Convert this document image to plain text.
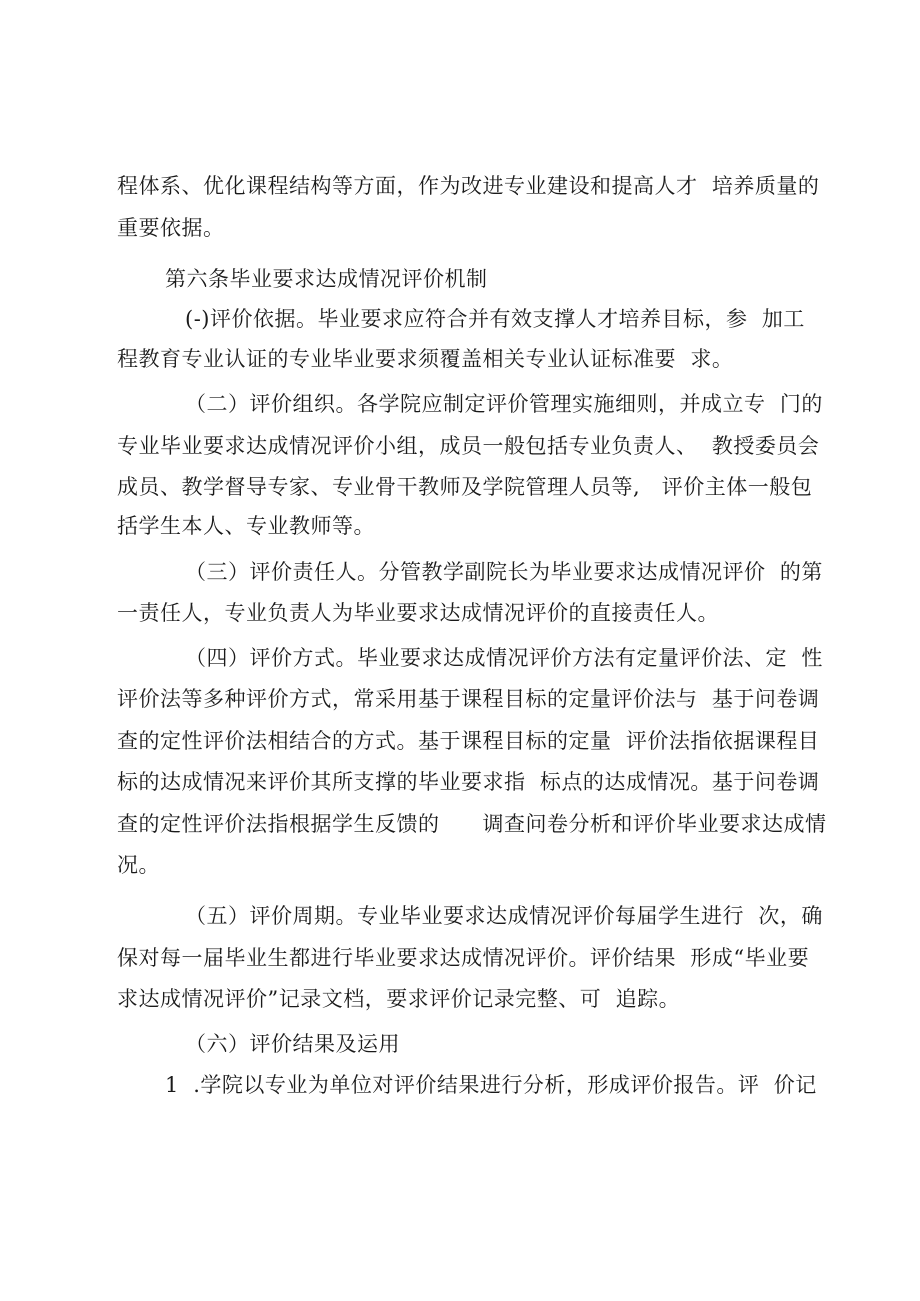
程体系、优化课程结构等方面，作为改进专业建设和提高人才  培养质量的
重要依据。
第六条毕业要求达成情况评价机制
(-)评价依据。毕业要求应符合并有效支撑人才培养目标，参  加工
程教育专业认证的专业毕业要求须覆盖相关专业认证标准要  求。
（二）评价组织。各学院应制定评价管理实施细则，并成立专  门的
专业毕业要求达成情况评价小组，成员一般包括专业负责人、  教授委员会
成员、教学督导专家、专业骨干教师及学院管理人员等,   评价主体一般包
括学生本人、专业教师等。
（三）评价责任人。分管教学副院长为毕业要求达成情况评价  的第
一责任人，专业负责人为毕业要求达成情况评价的直接责任人。
（四）评价方式。毕业要求达成情况评价方法有定量评价法、定  性
评价法等多种评价方式，常采用基于课程目标的定量评价法与  基于问卷调
查的定性评价法相结合的方式。基于课程目标的定量  评价法指依据课程目
标的达成情况来评价其所支撑的毕业要求指  标点的达成情况。基于问卷调
查的定性评价法指根据学生反馈的      调查问卷分析和评价毕业要求达成情
况。
（五）评价周期。专业毕业要求达成情况评价每届学生进行  次，确
保对每一届毕业生都进行毕业要求达成情况评价。评价结果  形成“毕业要
求达成情况评价”记录文档，要求评价记录完整、可  追踪。
（六）评价结果及运用
1  .学院以专业为单位对评价结果进行分析，形成评价报告。评  价记
